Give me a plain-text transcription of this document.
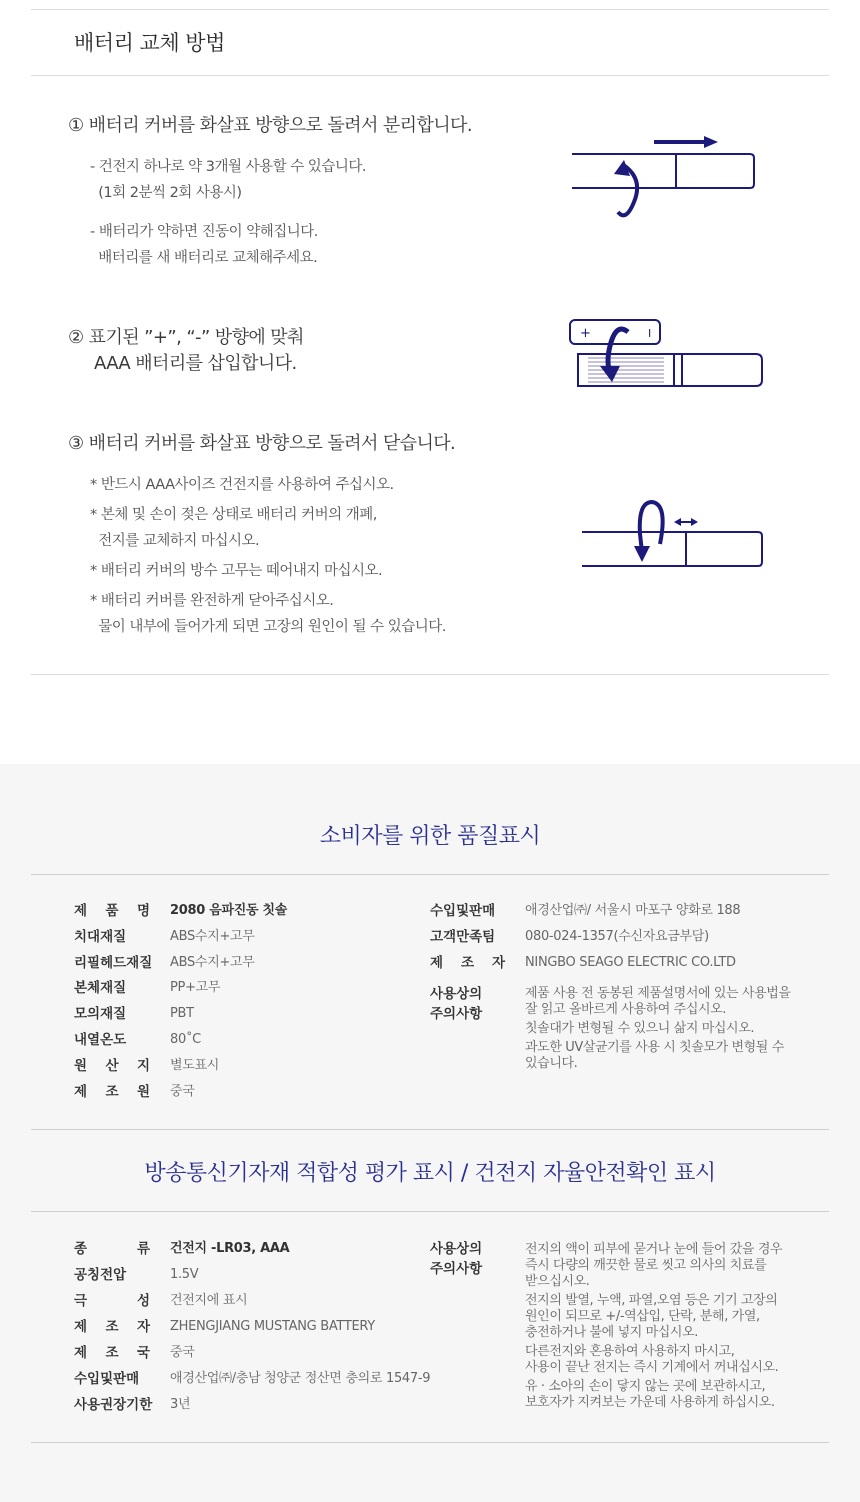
배터리 교체 방법
① 배터리 커버를 화살표 방향으로 돌려서 분리합니다.
- 건전지 하나로 약 3개월 사용할 수 있습니다.
(1회 2분씩 2회 사용시)
- 배터리가 약하면 진동이 약해집니다.
배터리를 새 배터리로 교체해주세요.
② 표기된 ”+”, “-” 방향에 맞춰
AAA 배터리를 삽입합니다.
+	I
③ 배터리 커버를 화살표 방향으로 돌려서 닫습니다.
* 반드시 AAA사이즈 건전지를 사용하여 주십시오.
* 본체 및 손이 젖은 상태로 배터리 커버의 개폐,
전지를 교체하지 마십시오.
* 배터리 커버의 방수 고무는 떼어내지 마십시오.
* 배터리 커버를 완전하게 닫아주십시오.
물이 내부에 들어가게 되면 고장의 원인이 될 수 있습니다.
소비자를 위한 품질표시
제 품 명 2080 음파진동 칫솔
치대재질	ABS수지+고무
리필헤드재질 ABS수지+고무
본체재질	PP+고무
모의재질	PBT
내열온도	80˚C
원 산 지 별도표시
제 조 원 중국
수입및판매	애경산업㈜/ 서울시 마포구 양화로 188
고객만족팀	080-024-1357(수신자요금부담)
제 조 자 NINGBO SEAGO ELECTRIC CO.LTD
사용상의
주의사항

제품 사용 전 동봉된 제품설명서에 있는 사용법을
잘 읽고 올바르게 사용하여 주십시오.

칫솔대가 변형될 수 있으니 삶지 마십시오.

과도한 UV살균기를 사용 시 칫솔모가 변형될 수
있습니다.

방송통신기자재 적합성 평가 표시 / 건전지 자율안전확인 표시
종 류 건전지 -LR03, AAA
공칭전압	1.5V
극 성 건전지에 표시
제 조 자 ZHENGJIANG MUSTANG BATTERY
제 조 국 중국
수입및판매	애경산업㈜/충남 청양군 정산면 충의로 1547-9
사용권장기한 3년
사용상의
주의사항

전지의 액이 피부에 묻거나 눈에 들어 갔을 경우
즉시 다량의 깨끗한 물로 씻고 의사의 치료를
받으십시오.

전지의 발열, 누액, 파열,오염 등은 기기 고장의
원인이 되므로 +/-역삽입, 단락, 분해, 가열,
충전하거나 불에 넣지 마십시오.

다른전지와 혼용하여 사용하지 마시고,
사용이 끝난 전지는 즉시 기계에서 꺼내십시오.

유 · 소아의 손이 닿지 않는 곳에 보관하시고,
보호자가 지켜보는 가운데 사용하게 하십시오.
